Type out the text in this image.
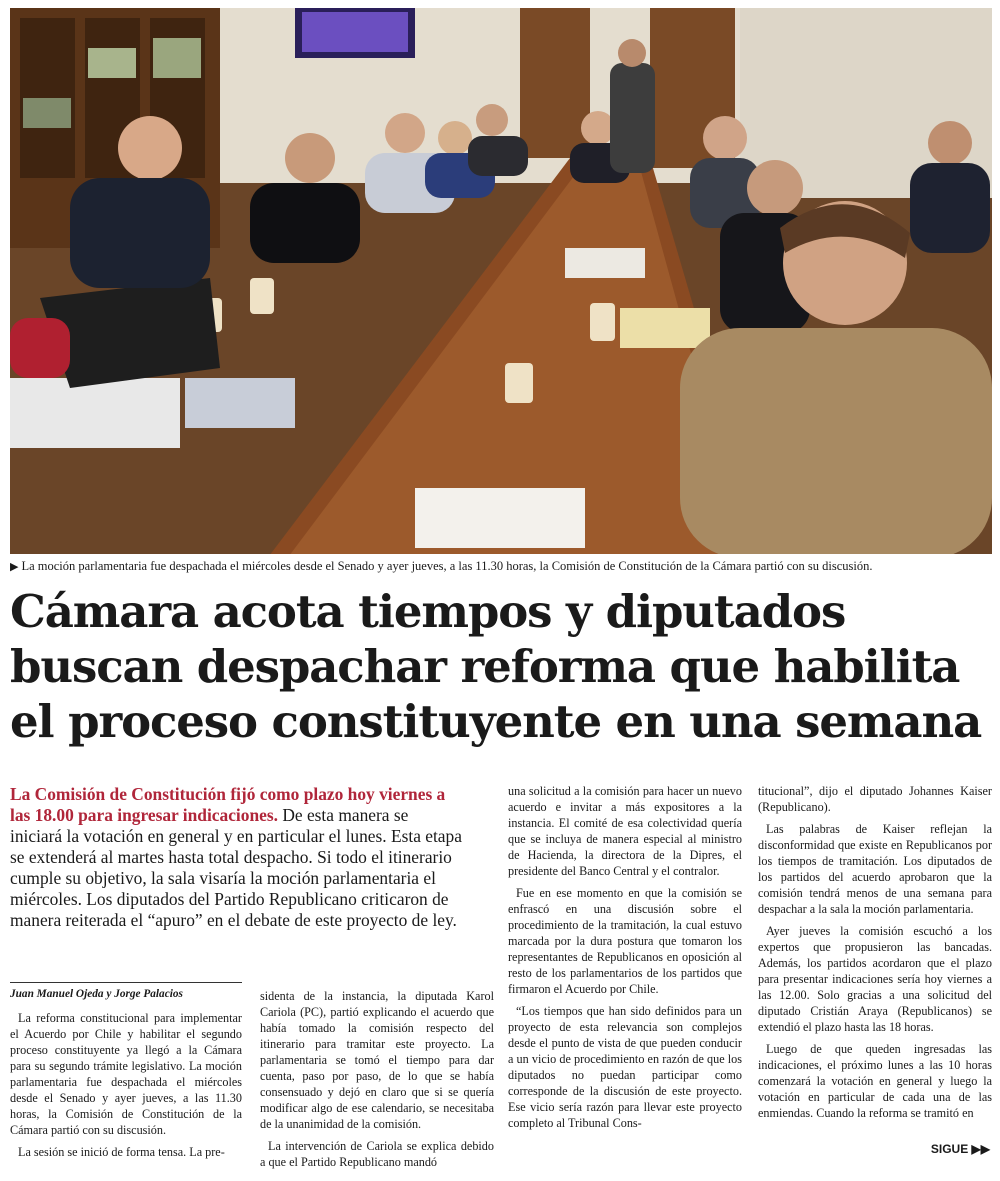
▶ La moción parlamentaria fue despachada el miércoles desde el Senado y ayer jueves, a las 11.30 horas, la Comisión de Constitución de la Cámara partió con su discusión.
Cámara acota tiempos y diputados
buscan despachar reforma que habilita
el proceso constituyente en una semana

La Comisión de Constitución fijó como plazo hoy viernes a las 18.00 para ingresar indicaciones. De esta manera se iniciará la votación en general y en particular el lunes. Esta etapa se extenderá al martes hasta total despacho. Si todo el itinerario cumple su objetivo, la sala visaría la moción parlamentaria el miércoles. Los diputados del Partido Republicano criticaron de manera reiterada el “apuro” en el debate de este proyecto de ley.

Juan Manuel Ojeda y Jorge Palacios

La reforma constitucional para implementar el Acuerdo por Chile y habilitar el segundo proceso constituyente ya llegó a la Cámara para su segundo trámite legislativo. La moción parlamentaria fue despachada el miércoles desde el Senado y ayer jueves, a las 11.30 horas, la Comisión de Constitución de la Cámara partió con su discusión.

La sesión se inició de forma tensa. La pre-

sidenta de la instancia, la diputada Karol Cariola (PC), partió explicando el acuerdo que había tomado la comisión respecto del itinerario para tramitar este proyecto. La parlamentaria se tomó el tiempo para dar cuenta, paso por paso, de lo que se había consensuado y dejó en claro que si se quería modificar algo de ese calendario, se necesitaba de la unanimidad de la comisión.

La intervención de Cariola se explica debido a que el Partido Republicano mandó

una solicitud a la comisión para hacer un nuevo acuerdo e invitar a más expositores a la instancia. El comité de esa colectividad quería que se incluya de manera especial al ministro de Hacienda, la directora de la Dipres, el presidente del Banco Central y el contralor.

Fue en ese momento en que la comisión se enfrascó en una discusión sobre el procedimiento de la tramitación, la cual estuvo marcada por la dura postura que tomaron los representantes de Republicanos en oposición al resto de los parlamentarios de los partidos que firmaron el Acuerdo por Chile.

“Los tiempos que han sido definidos para un proyecto de esta relevancia son complejos desde el punto de vista de que pueden conducir a un vicio de procedimiento en razón de que los diputados no puedan participar como corresponde de la discusión de este proyecto. Ese vicio sería razón para llevar este proyecto completo al Tribunal Cons-

titucional”, dijo el diputado Johannes Kaiser (Republicano).

Las palabras de Kaiser reflejan la disconformidad que existe en Republicanos por los tiempos de tramitación. Los diputados de los partidos del acuerdo aprobaron que la comisión tendrá menos de una semana para despachar a la sala la moción parlamentaria.

Ayer jueves la comisión escuchó a los expertos que propusieron las bancadas. Además, los partidos acordaron que el plazo para presentar indicaciones sería hoy viernes a las 12.00. Solo gracias a una solicitud del diputado Cristián Araya (Republicanos) se extendió el plazo hasta las 18 horas.

Luego de que queden ingresadas las indicaciones, el próximo lunes a las 10 horas comenzará la votación en general y luego la votación en particular de cada una de las enmiendas. Cuando la reforma se tramitó en

SIGUE ▶▶
